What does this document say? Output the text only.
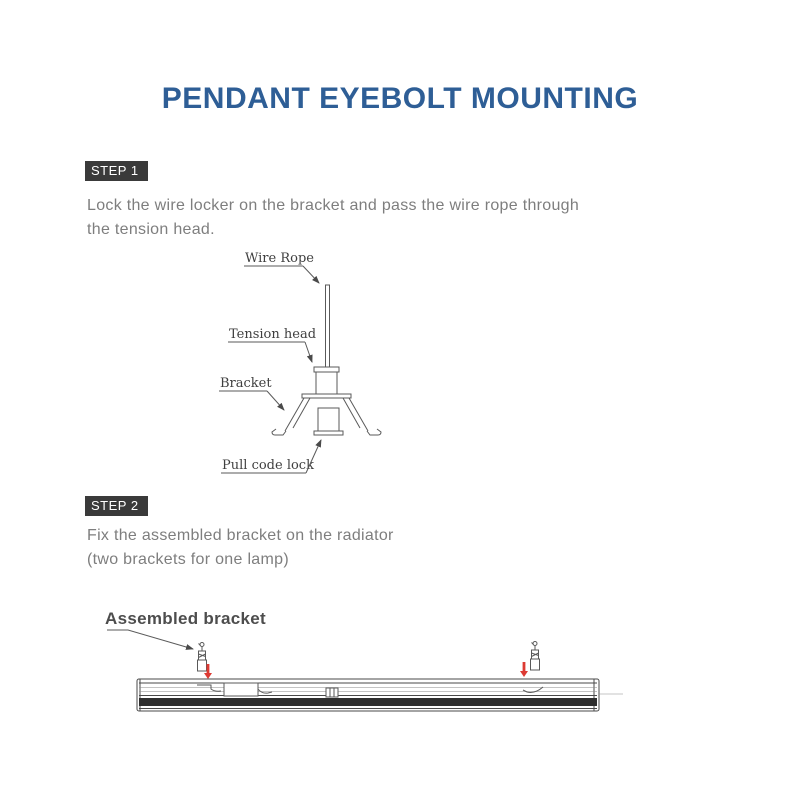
PENDANT EYEBOLT MOUNTING
STEP 1

Lock the wire locker on the bracket and pass the wire rope through
the tension head.

Wire Rope
Tension head
Bracket
Pull code lock
STEP 2

Fix the assembled bracket on the radiator
(two brackets for one lamp)

Assembled bracket
